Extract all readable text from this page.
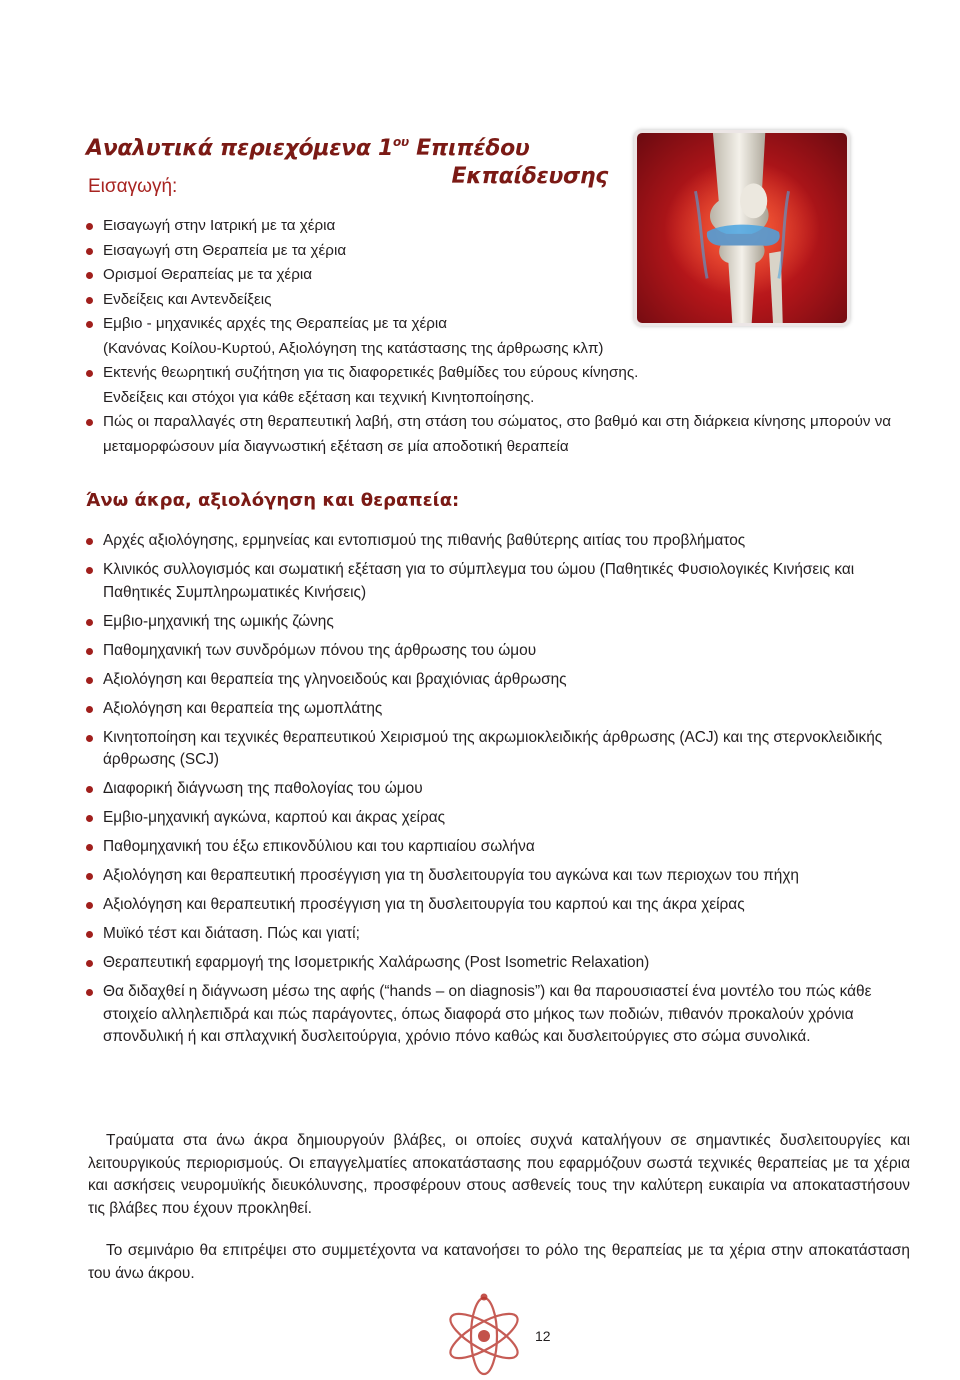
Αναλυτικά περιεχόμενα $1^{o\upsilon}$ Επιπέδου
Εκπαίδευσης
Εισαγωγή:
Εισαγωγή στην Ιατρική με τα χέρια
Εισαγωγή στη Θεραπεία με τα χέρια
Ορισμοί Θεραπείας με τα χέρια
Ενδείξεις και Αντενδείξεις
Εμβιο - μηχανικές αρχές της Θεραπείας με τα χέρια
(Κανόνας Κοίλου-Κυρτού, Αξιολόγηση της κατάστασης της άρθρωσης κλπ)
Εκτενής θεωρητική συζήτηση για τις διαφορετικές βαθμίδες του εύρους κίνησης.
Ενδείξεις και στόχοι για κάθε εξέταση και τεχνική Κινητοποίησης.
Πώς οι παραλλαγές στη θεραπευτική λαβή, στη στάση του σώματος, στο βαθμό και στη διάρκεια κίνησης μπορούν να μεταμορφώσουν μία διαγνωστική εξέταση σε μία αποδοτική θεραπεία
Άνω άκρα, αξιολόγηση και θεραπεία:
Αρχές αξιολόγησης, ερμηνείας και εντοπισμού της πιθανής βαθύτερης αιτίας του προβλήματος
Κλινικός συλλογισμός και σωματική εξέταση για το σύμπλεγμα του ώμου (Παθητικές Φυσιολογικές Κινήσεις και Παθητικές Συμπληρωματικές Κινήσεις)
Εμβιο-μηχανική της ωμικής ζώνης
Παθομηχανική των συνδρόμων πόνου της άρθρωσης του ώμου
Αξιολόγηση και θεραπεία της γληνοειδούς και βραχιόνιας άρθρωσης
Αξιολόγηση και θεραπεία της ωμοπλάτης
Κινητοποίηση και τεχνικές θεραπευτικού Χειρισμού της ακρωμιοκλειδικής άρθρωσης (ACJ) και της στερνοκλειδικής άρθρωσης (SCJ)
Διαφορική διάγνωση της παθολογίας του ώμου
Εμβιο-μηχανική αγκώνα, καρπού και άκρας χείρας
Παθομηχανική του έξω επικονδύλιου και του καρπιαίου σωλήνα
Αξιολόγηση και θεραπευτική προσέγγιση για τη δυσλειτουργία του αγκώνα και των περιοχων του πήχη
Αξιολόγηση και θεραπευτική προσέγγιση για τη δυσλειτουργία του καρπού και της άκρα χείρας
Μυϊκό τέστ και διάταση. Πώς και γιατί;
Θεραπευτική εφαρμογή της Ισομετρικής Χαλάρωσης (Post Isometric Relaxation)
Θα διδαχθεί η διάγνωση μέσω της αφής (“hands – on diagnosis”) και θα παρουσιαστεί ένα μοντέλο του πώς κάθε στοιχείο αλληλεπιδρά και πώς παράγοντες, όπως διαφορά στο μήκος των ποδιών, πιθανόν προκαλούν χρόνια σπονδυλική ή και σπλαχνική δυσλειτούργια, χρόνιο πόνο καθώς και δυσλειτούργιες στο σώμα συνολικά.

Τραύματα στα άνω άκρα δημιουργούν βλάβες, οι οποίες συχνά καταλήγουν σε σημαντικές δυσλειτουργίες και λειτουργικούς περιορισμούς. Οι επαγγελματίες αποκατάστασης που εφαρμόζουν σωστά τεχνικές θεραπείας με τα χέρια και ασκήσεις νευρομυϊκής διευκόλυνσης, προσφέρουν στους ασθενείς τους την καλύτερη ευκαιρία να αποκαταστήσουν τις βλάβες που έχουν προκληθεί.

Το σεμινάριο θα επιτρέψει στο συμμετέχοντα να κατανοήσει το ρόλο της θεραπείας με τα χέρια στην αποκατάσταση του άνω άκρου.

12
